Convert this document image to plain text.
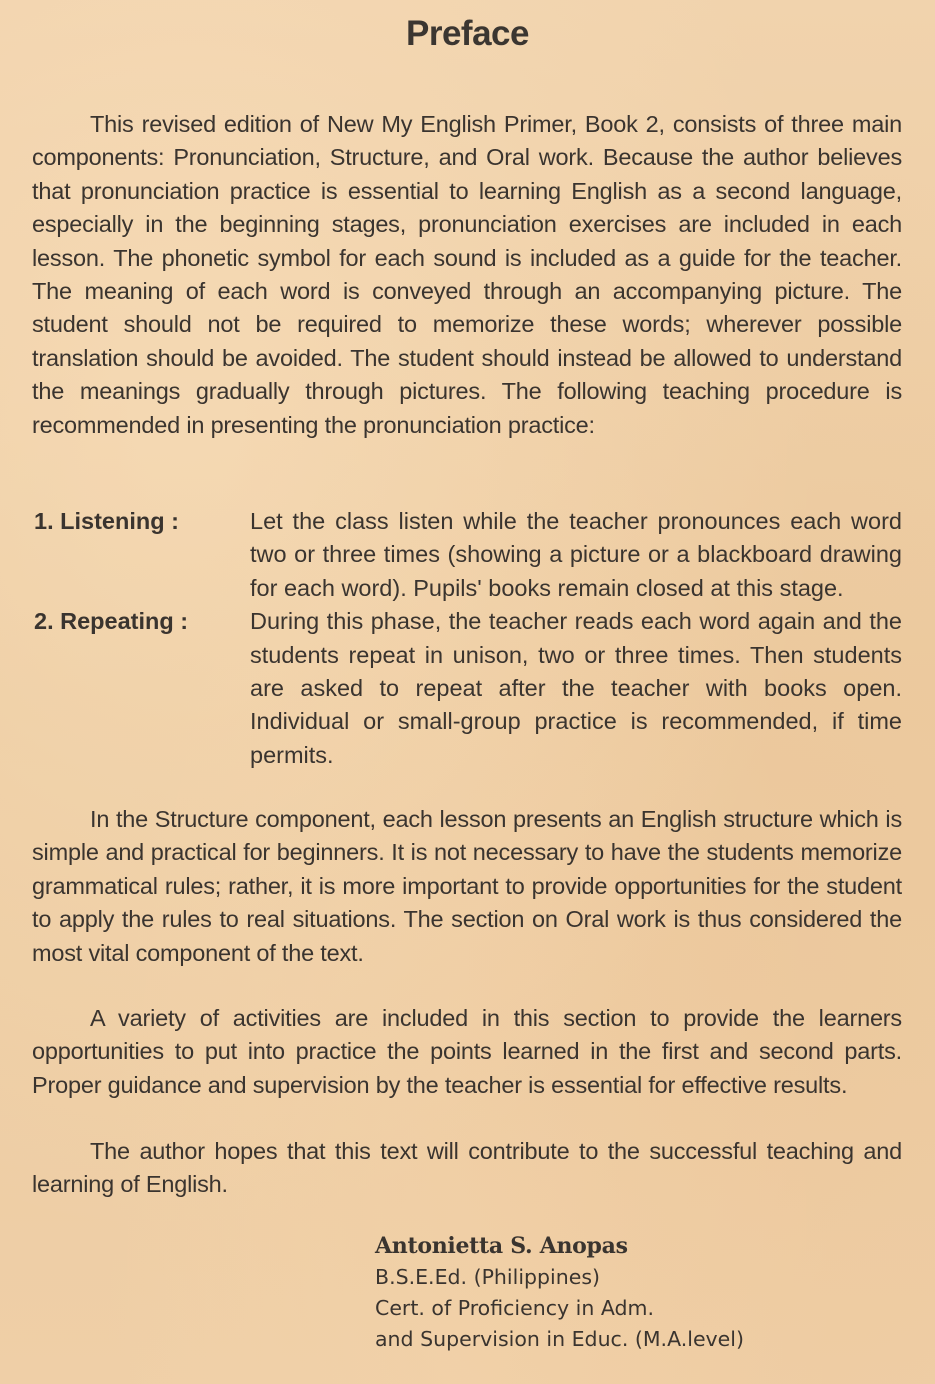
Preface

This revised edition of New My English Primer, Book 2, consists of three main components: Pronunciation, Structure, and Oral work. Because the author believes that pronunciation practice is essential to learning English as a second language, especially in the beginning stages, pronunciation exercises are included in each lesson. The phonetic symbol for each sound is included as a guide for the teacher. The meaning of each word is conveyed through an accompanying picture. The student should not be required to memorize these words; wherever possible translation should be avoided. The student should instead be allowed to understand the meanings gradually through pictures. The following teaching procedure is recommended in presenting the pronunciation practice:

1. Listening :	Let the class listen while the teacher pronounces each word two or three times (showing a picture or a blackboard drawing for each word). Pupils' books remain closed at this stage.
2. Repeating :	During this phase, the teacher reads each word again and the students repeat in unison, two or three times. Then students are asked to repeat after the teacher with books open. Individual or small-group practice is recommended, if time permits.

In the Structure component, each lesson presents an English structure which is simple and practical for beginners. It is not necessary to have the students memorize grammatical rules; rather, it is more important to provide opportunities for the student to apply the rules to real situations. The section on Oral work is thus considered the most vital component of the text.

A variety of activities are included in this section to provide the learners opportunities to put into practice the points learned in the first and second parts. Proper guidance and supervision by the teacher is essential for effective results.

The author hopes that this text will contribute to the successful teaching and learning of English.

Antonietta S. Anopas
B.S.E.Ed. (Philippines)
Cert. of Proficiency in Adm.
and Supervision in Educ. (M.A.level)
